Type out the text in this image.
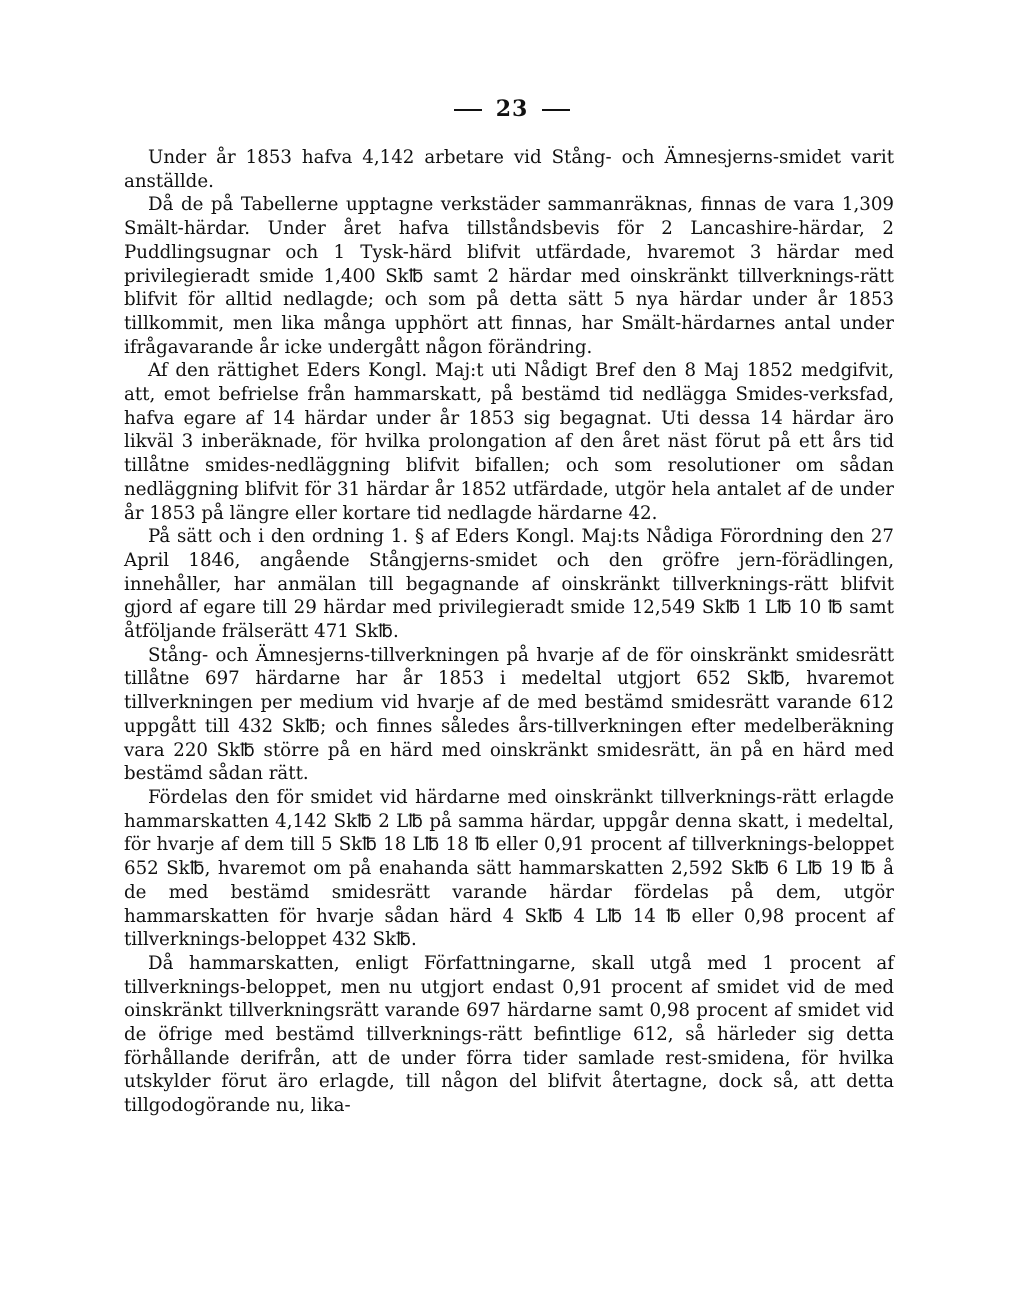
23

Under år 1853 hafva 4,142 arbetare vid Stång- och Ämnesjerns-smidet varit anställde.

Då de på Tabellerne upptagne verkstäder sammanräknas, finnas de vara 1,309 Smält-härdar. Under året hafva tillståndsbevis för 2 Lancashire-härdar, 2 Puddlingsugnar och 1 Tysk-härd blifvit utfärdade, hvaremot 3 härdar med privilegieradt smide 1,400 Sk℔ samt 2 härdar med oinskränkt tillverknings-rätt blifvit för alltid nedlagde; och som på detta sätt 5 nya härdar under år 1853 tillkommit, men lika många upphört att finnas, har Smält-härdarnes antal under ifrågavarande år icke undergått någon förändring.

Af den rättighet Eders Kongl. Maj:t uti Nådigt Bref den 8 Maj 1852 medgifvit, att, emot befrielse från hammarskatt, på bestämd tid nedlägga Smides-verksfad, hafva egare af 14 härdar under år 1853 sig begagnat. Uti dessa 14 härdar äro likväl 3 inberäknade, för hvilka prolongation af den året näst förut på ett års tid tillåtne smides-nedläggning blifvit bifallen; och som resolutioner om sådan nedläggning blifvit för 31 härdar år 1852 utfärdade, utgör hela antalet af de under år 1853 på längre eller kortare tid nedlagde härdarne 42.

På sätt och i den ordning 1. § af Eders Kongl. Maj:ts Nådiga Förordning den 27 April 1846, angående Stångjerns-smidet och den gröfre jern-förädlingen, innehåller, har anmälan till begagnande af oinskränkt tillverknings-rätt blifvit gjord af egare till 29 härdar med privilegieradt smide 12,549 Sk℔ 1 L℔ 10 ℔ samt åtföljande frälserätt 471 Sk℔.

Stång- och Ämnesjerns-tillverkningen på hvarje af de för oinskränkt smidesrätt tillåtne 697 härdarne har år 1853 i medeltal utgjort 652 Sk℔, hvaremot tillverkningen per medium vid hvarje af de med bestämd smidesrätt varande 612 uppgått till 432 Sk℔; och finnes således års-tillverkningen efter medelberäkning vara 220 Sk℔ större på en härd med oinskränkt smidesrätt, än på en härd med bestämd sådan rätt.

Fördelas den för smidet vid härdarne med oinskränkt tillverknings-rätt erlagde hammarskatten 4,142 Sk℔ 2 L℔ på samma härdar, uppgår denna skatt, i medeltal, för hvarje af dem till 5 Sk℔ 18 L℔ 18 ℔ eller 0,91 procent af tillverknings-beloppet 652 Sk℔, hvaremot om på enahanda sätt hammarskatten 2,592 Sk℔ 6 L℔ 19 ℔ å de med bestämd smidesrätt varande härdar fördelas på dem, utgör hammarskatten för hvarje sådan härd 4 Sk℔ 4 L℔ 14 ℔ eller 0,98 procent af tillverknings-beloppet 432 Sk℔.

Då hammarskatten, enligt Författningarne, skall utgå med 1 procent af tillverknings-beloppet, men nu utgjort endast 0,91 procent af smidet vid de med oinskränkt tillverkningsrätt varande 697 härdarne samt 0,98 procent af smidet vid de öfrige med bestämd tillverknings-rätt befintlige 612, så härleder sig detta förhållande derifrån, att de under förra tider samlade rest-smidena, för hvilka utskylder förut äro erlagde, till någon del blifvit återtagne, dock så, att detta tillgodogörande nu, lika-
